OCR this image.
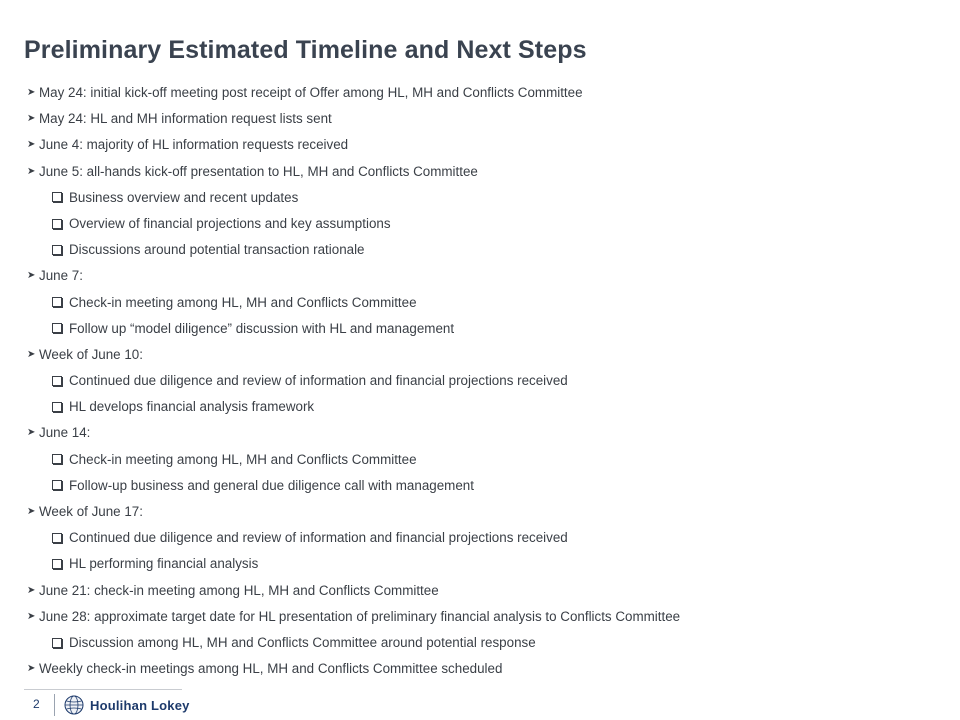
Preliminary Estimated Timeline and Next Steps
➤ May 24: initial kick-off meeting post receipt of Offer among HL, MH and Conflicts Committee
➤ May 24: HL and MH information request lists sent
➤ June 4: majority of HL information requests received
➤ June 5: all-hands kick-off presentation to HL, MH and Conflicts Committee
Business overview and recent updates
Overview of financial projections and key assumptions
Discussions around potential transaction rationale
➤ June 7:
Check-in meeting among HL, MH and Conflicts Committee
Follow up “model diligence” discussion with HL and management
➤ Week of June 10:
Continued due diligence and review of information and financial projections received
HL develops financial analysis framework
➤ June 14:
Check-in meeting among HL, MH and Conflicts Committee
Follow-up business and general due diligence call with management
➤ Week of June 17:
Continued due diligence and review of information and financial projections received
HL performing financial analysis
➤ June 21: check-in meeting among HL, MH and Conflicts Committee
➤ June 28: approximate target date for HL presentation of preliminary financial analysis to Conflicts Committee
Discussion among HL, MH and Conflicts Committee around potential response
➤ Weekly check-in meetings among HL, MH and Conflicts Committee scheduled
2	Houlihan Lokey
